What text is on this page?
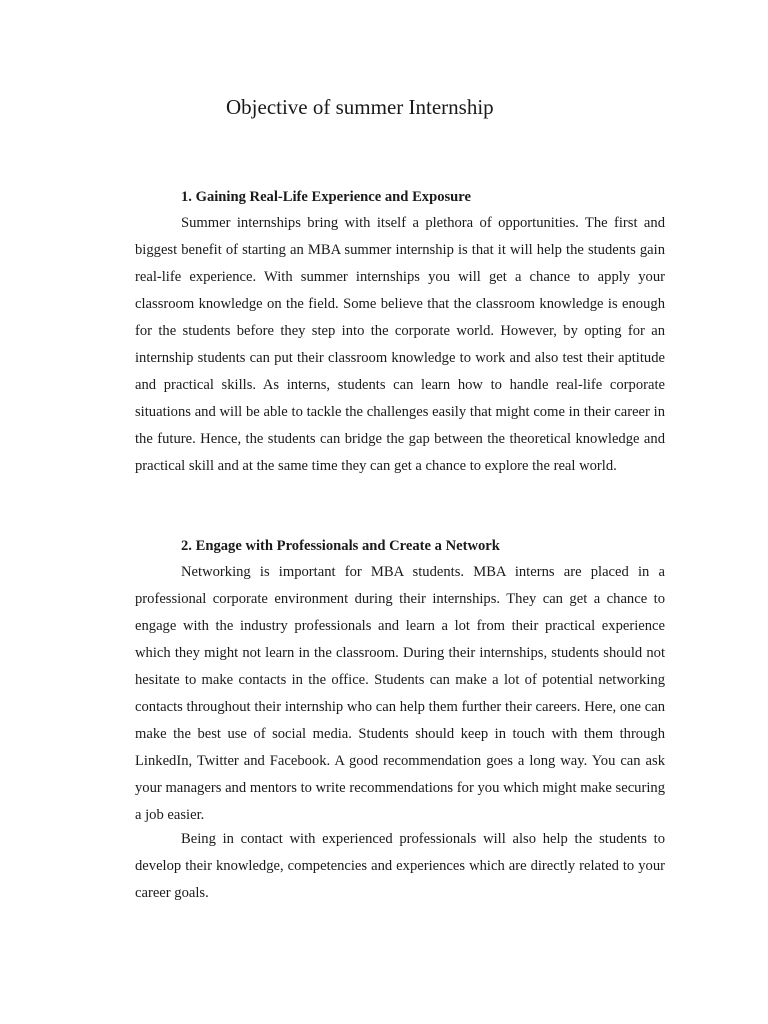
Objective of summer Internship
1. Gaining Real-Life Experience and Exposure

Summer internships bring with itself a plethora of opportunities. The first and biggest benefit of starting an MBA summer internship is that it will help the students gain real-life experience. With summer internships you will get a chance to apply your classroom knowledge on the field. Some believe that the classroom knowledge is enough for the students before they step into the corporate world. However, by opting for an internship students can put their classroom knowledge to work and also test their aptitude and practical skills. As interns, students can learn how to handle real-life corporate situations and will be able to tackle the challenges easily that might come in their career in the future. Hence, the students can bridge the gap between the theoretical knowledge and practical skill and at the same time they can get a chance to explore the real world.

2. Engage with Professionals and Create a Network

Networking is important for MBA students. MBA interns are placed in a professional corporate environment during their internships. They can get a chance to engage with the industry professionals and learn a lot from their practical experience which they might not learn in the classroom. During their internships, students should not hesitate to make contacts in the office. Students can make a lot of potential networking contacts throughout their internship who can help them further their careers. Here, one can make the best use of social media. Students should keep in touch with them through LinkedIn, Twitter and Facebook. A good recommendation goes a long way. You can ask your managers and mentors to write recommendations for you which might make securing a job easier.

Being in contact with experienced professionals will also help the students to develop their knowledge, competencies and experiences which are directly related to your career goals.
